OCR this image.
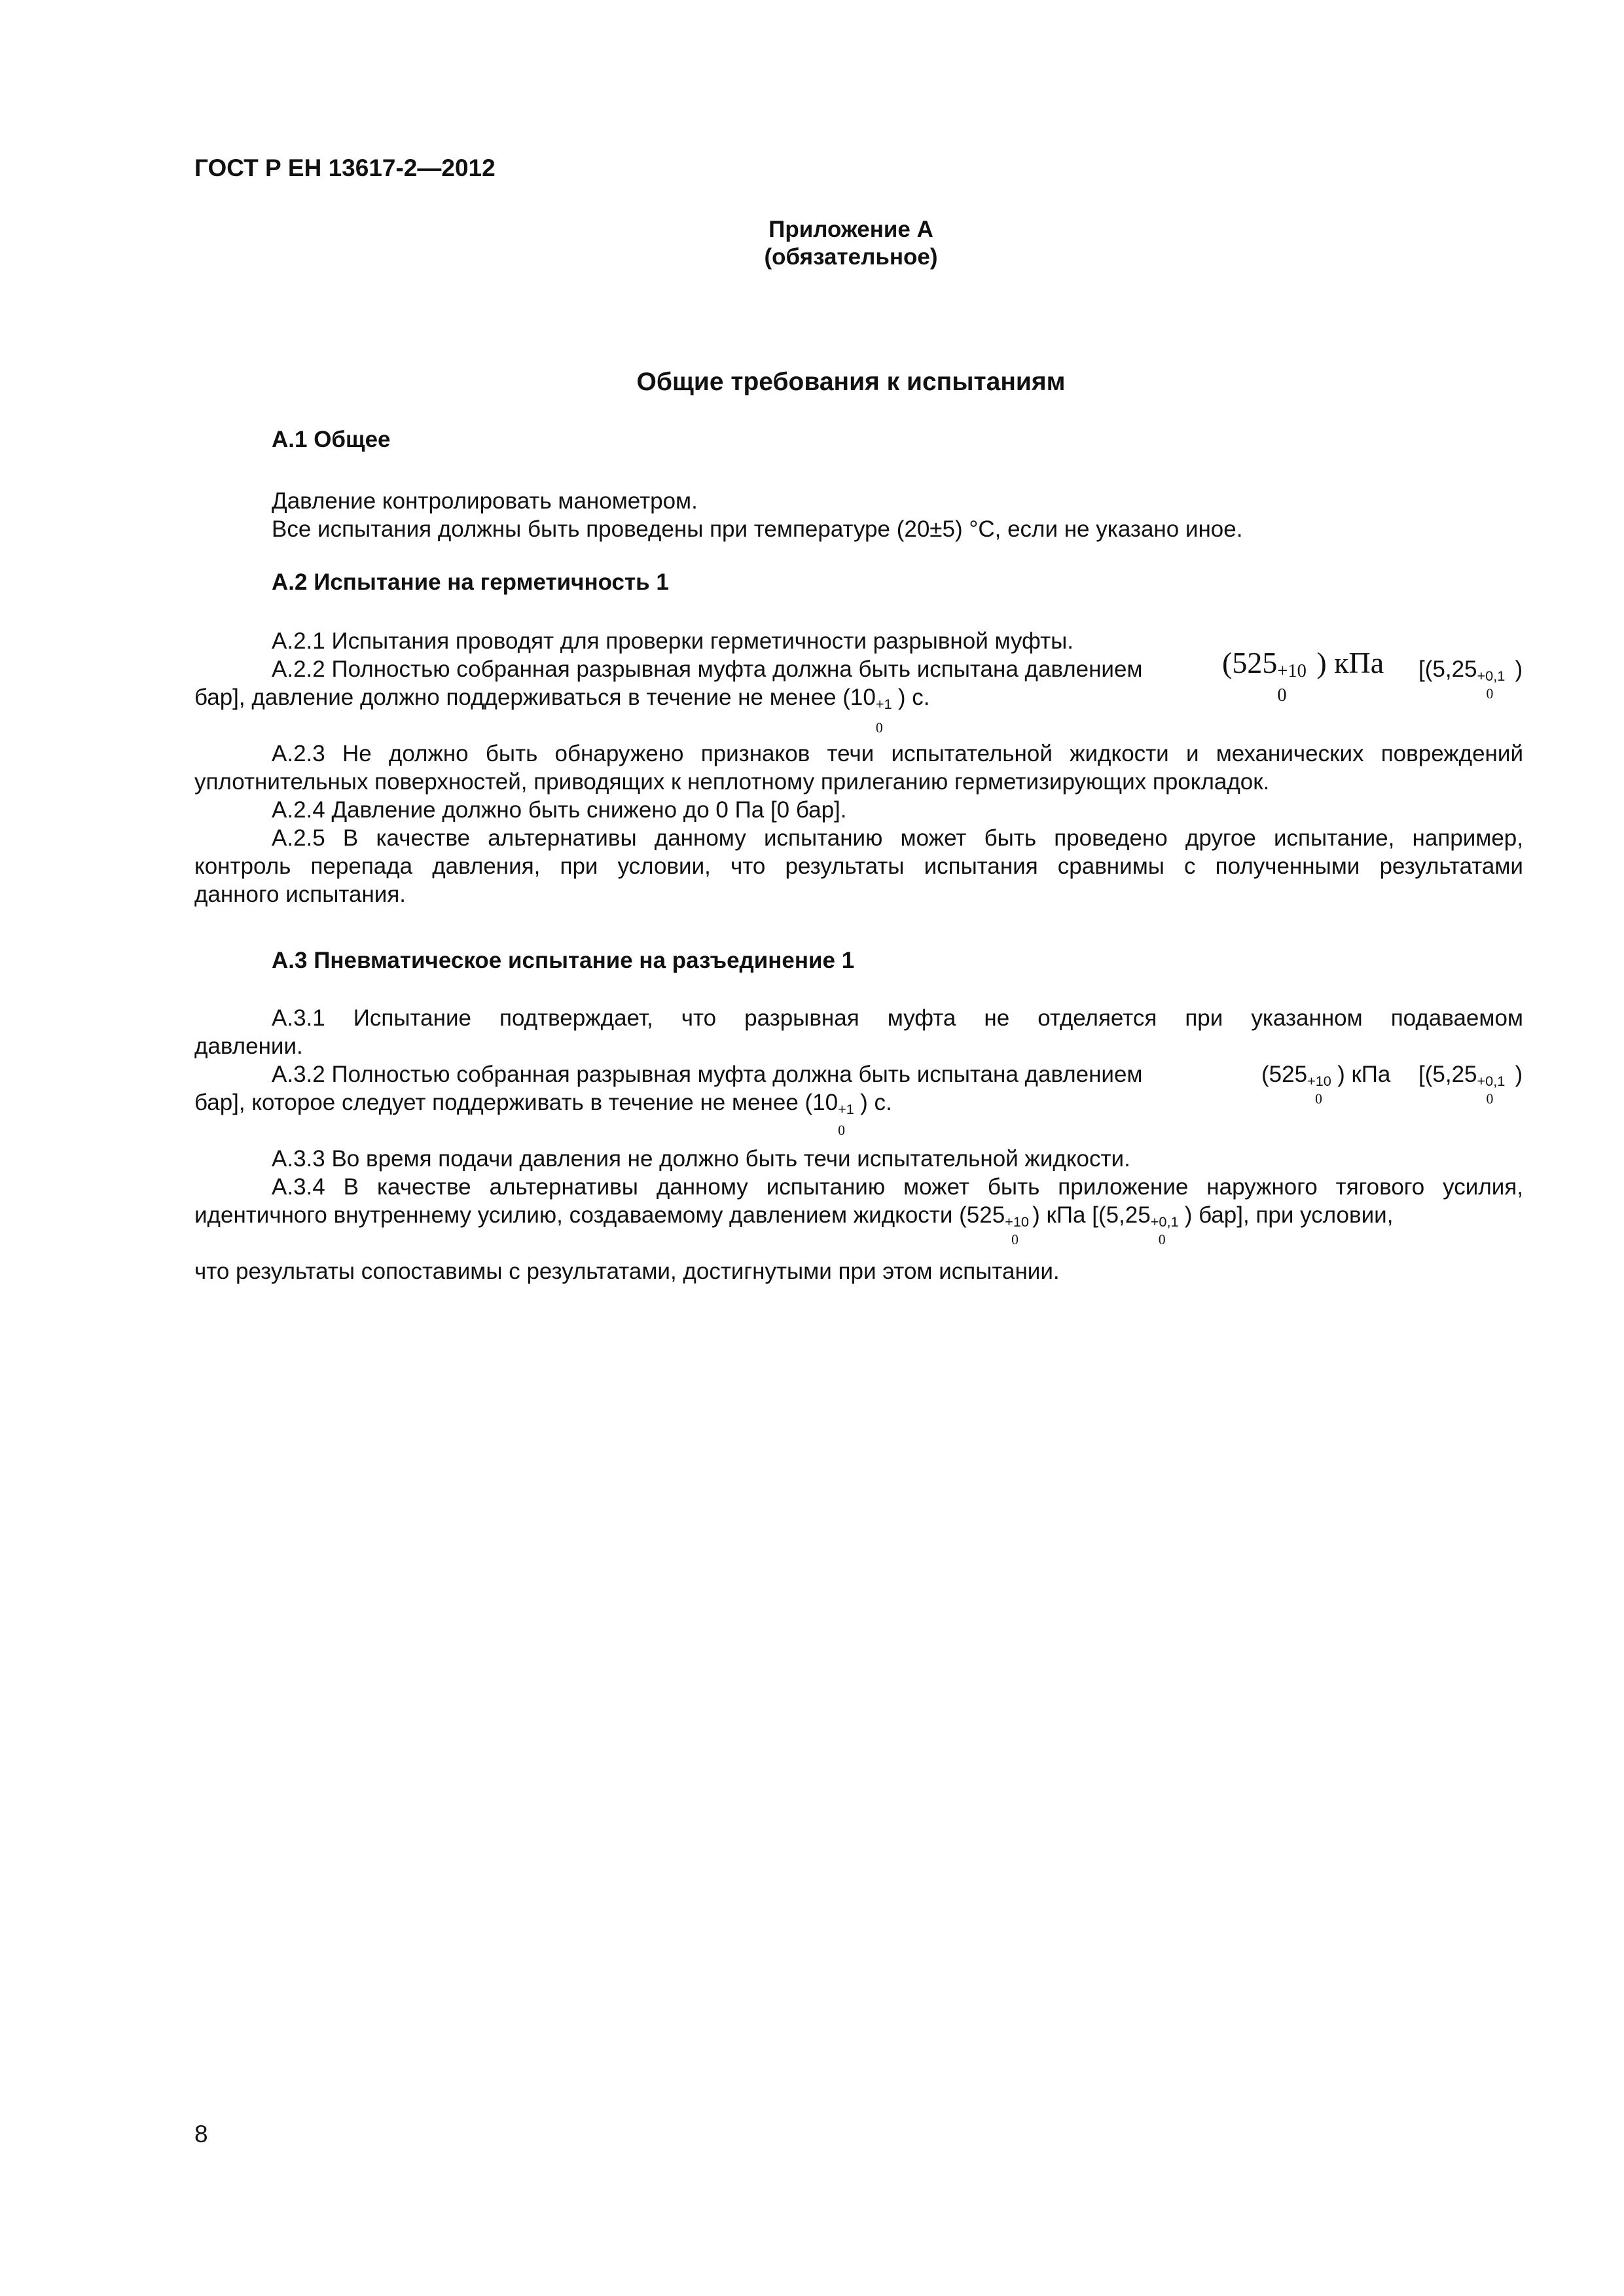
ГОСТ Р ЕН 13617-2—2012
Приложение А
(обязательное)
Общие требования к испытаниям
А.1 Общее
Давление контролировать манометром.
Все испытания должны быть проведены при температуре (20±5) °С, если не указано иное.
А.2 Испытание на герметичность 1
А.2.1 Испытания проводят для проверки герметичности разрывной муфты.
А.2.2 Полностью собранная разрывная муфта должна быть испытана давлением	(525 +10
0
) кПа [(5,25 +0,1
0
)
бар], давление должно поддерживаться в течение не менее (10 +1
0
) с.
А.2.3 Не должно быть обнаружено признаков течи испытательной жидкости и механических повреждений
уплотнительных поверхностей, приводящих к неплотному прилеганию герметизирующих прокладок.
А.2.4 Давление должно быть снижено до 0 Па [0 бар].
А.2.5 В качестве альтернативы данному испытанию может быть проведено другое испытание, например,
контроль перепада давления, при условии, что результаты испытания сравнимы с полученными результатами
данного испытания.
А.3 Пневматическое испытание на разъединение 1
А.3.1 Испытание подтверждает, что разрывная муфта не отделяется при указанном подаваемом
давлении.
А.3.2 Полностью собранная разрывная муфта должна быть испытана давлением	(525 +10
0
) кПа [(5,25 +0,1
0
)
бар], которое следует поддерживать в течение не менее (10 +1
0
) с.
А.3.3 Во время подачи давления не должно быть течи испытательной жидкости.
А.3.4 В качестве альтернативы данному испытанию может быть приложение наружного тягового усилия,
идентичного внутреннему усилию, создаваемому давлением жидкости (525 +10
0
) кПа [(5,25 +0,1
0
) бар], при условии,
что результаты сопоставимы с результатами, достигнутыми при этом испытании.
8
